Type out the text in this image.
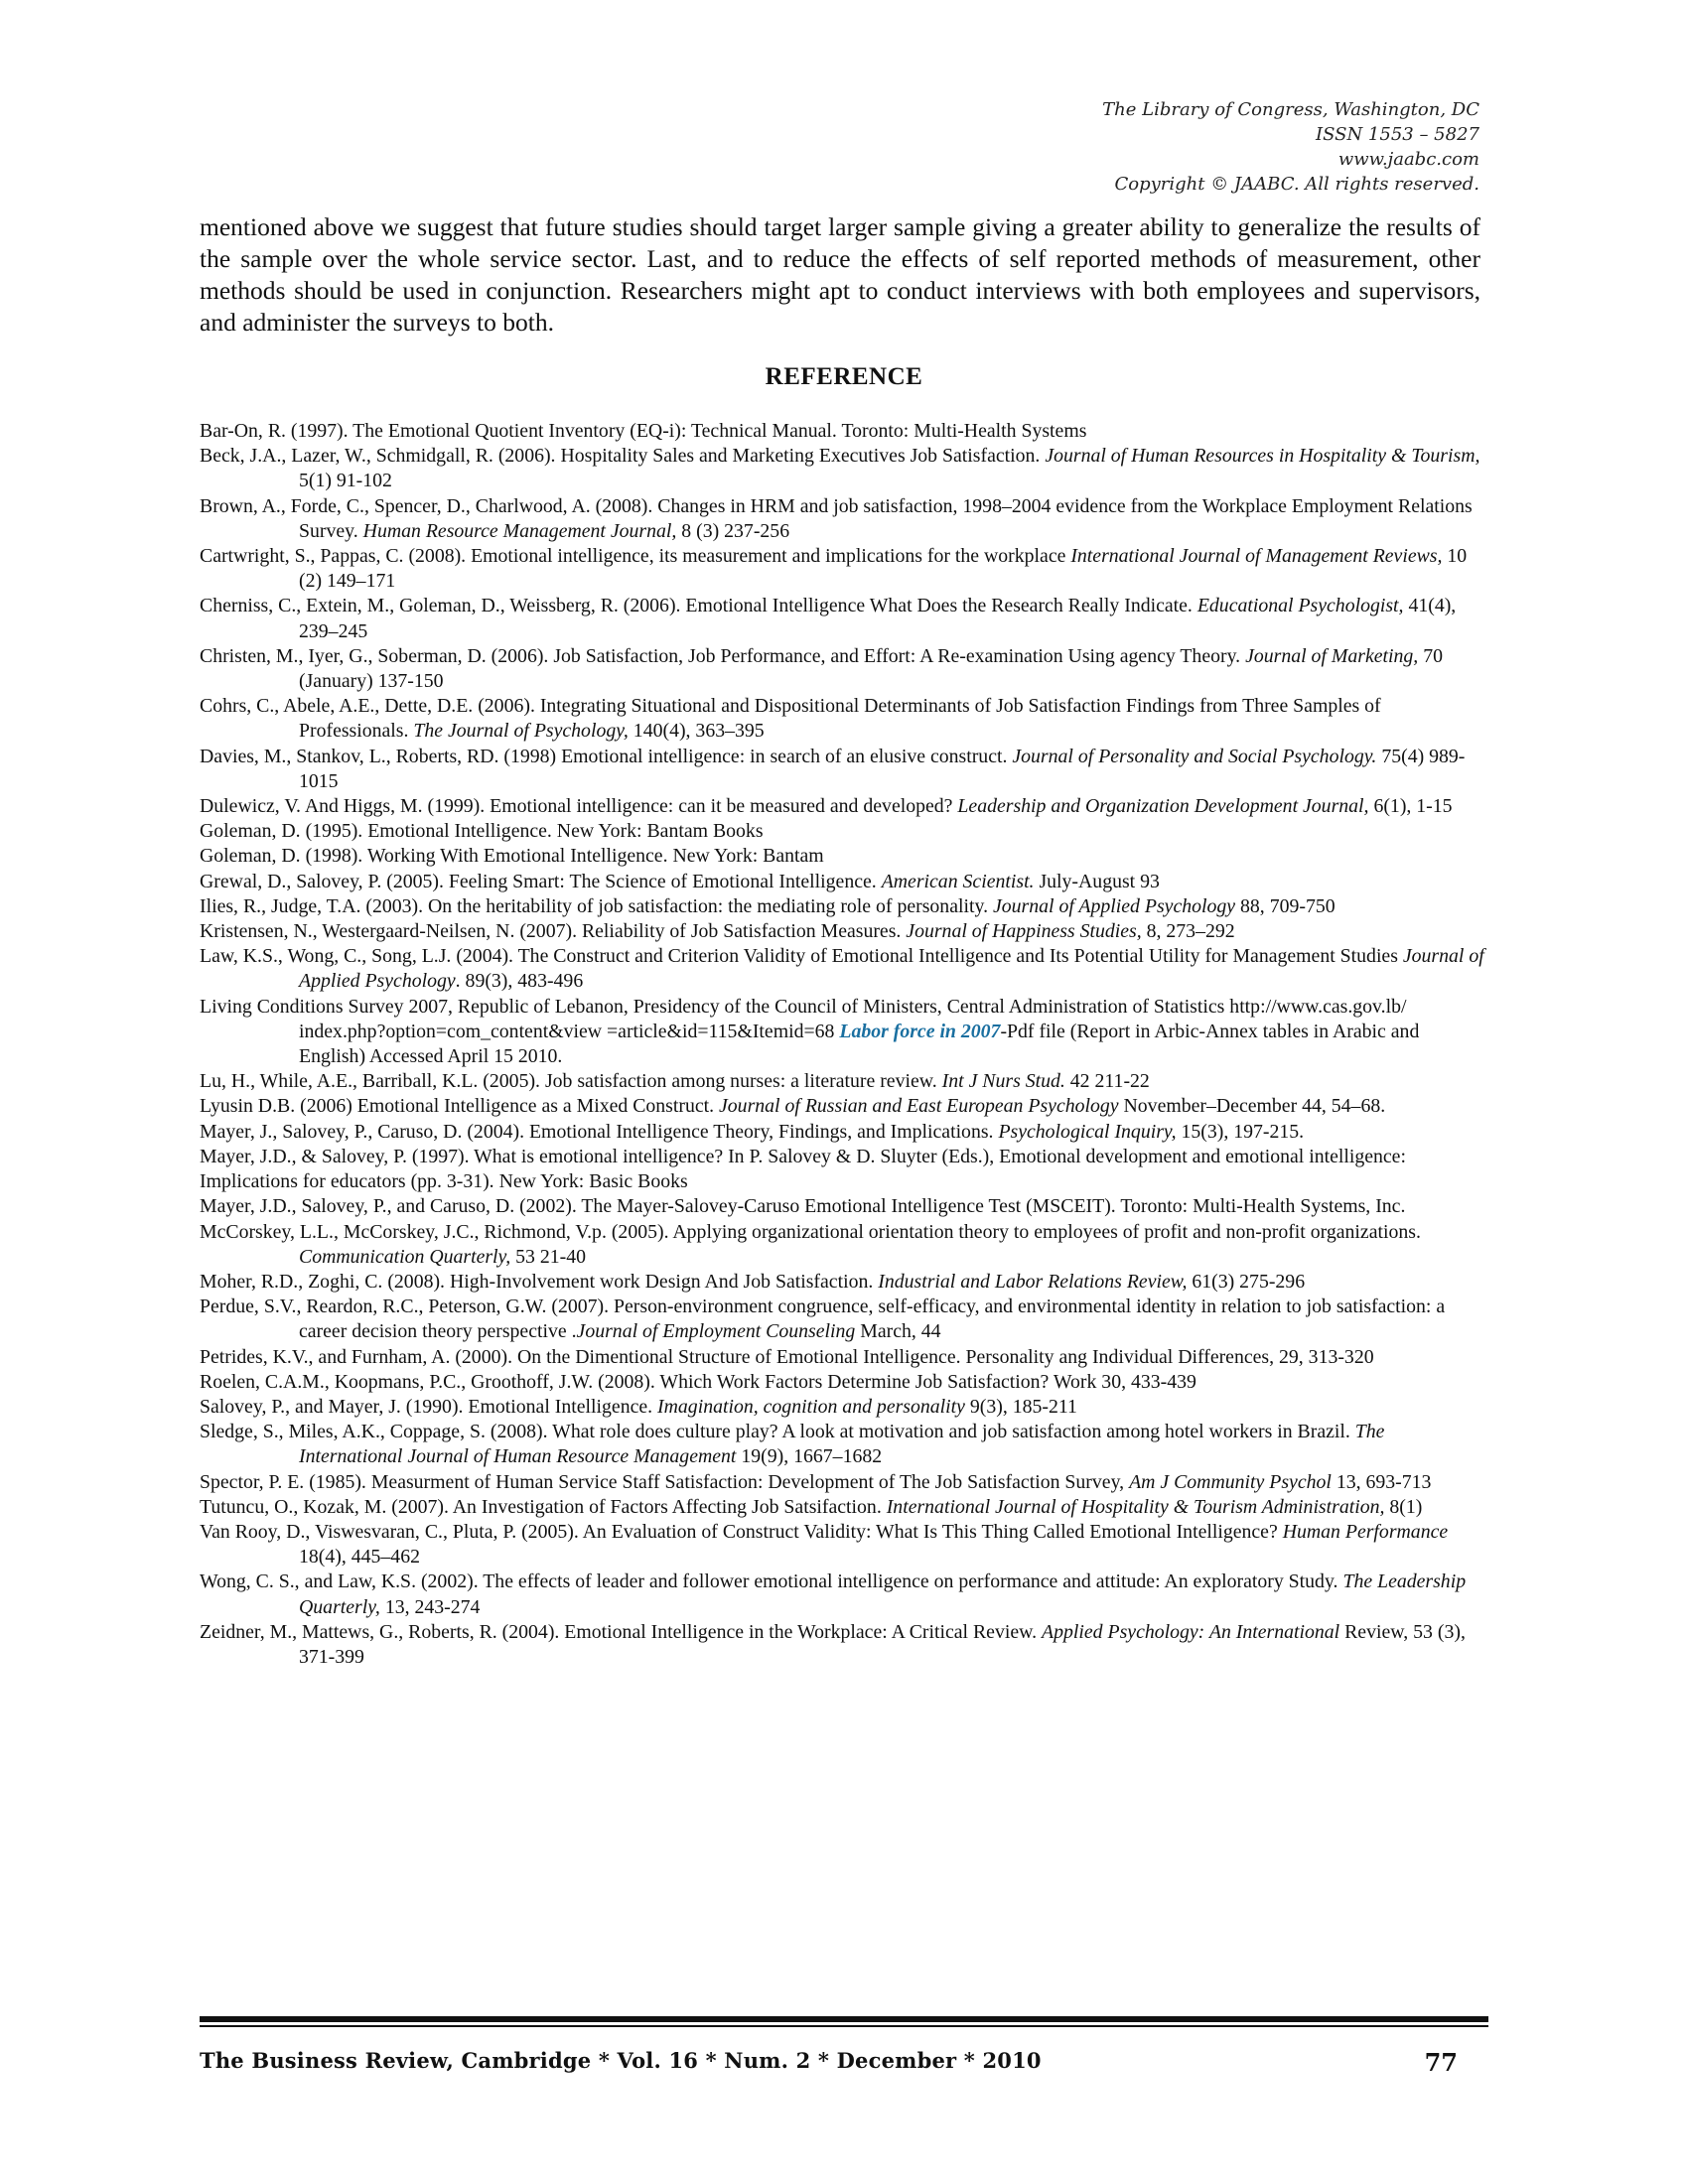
The Library of Congress, Washington, DC
ISSN 1553 – 5827
www.jaabc.com
Copyright © JAABC. All rights reserved.

mentioned above we suggest that future studies should target larger sample giving a greater ability to generalize the results of the sample over the whole service sector. Last, and to reduce the effects of self reported methods of measurement, other methods should be used in conjunction. Researchers might apt to conduct interviews with both employees and supervisors, and administer the surveys to both.

REFERENCE
Bar-On, R. (1997). The Emotional Quotient Inventory (EQ-i): Technical Manual. Toronto: Multi-Health Systems
Beck, J.A., Lazer, W., Schmidgall, R. (2006). Hospitality Sales and Marketing Executives Job Satisfaction. Journal of Human Resources in Hospitality & Tourism, 5(1) 91-102
Brown, A., Forde, C., Spencer, D., Charlwood, A. (2008). Changes in HRM and job satisfaction, 1998–2004 evidence from the Workplace Employment Relations Survey. Human Resource Management Journal, 8 (3) 237-256
Cartwright, S., Pappas, C. (2008). Emotional intelligence, its measurement and implications for the workplace International Journal of Management Reviews, 10 (2) 149–171
Cherniss, C., Extein, M., Goleman, D., Weissberg, R. (2006). Emotional Intelligence What Does the Research Really Indicate. Educational Psychologist, 41(4), 239–245
Christen, M., Iyer, G., Soberman, D. (2006). Job Satisfaction, Job Performance, and Effort: A Re-examination Using agency Theory. Journal of Marketing, 70 (January) 137-150
Cohrs, C., Abele, A.E., Dette, D.E. (2006). Integrating Situational and Dispositional Determinants of Job Satisfaction Findings from Three Samples of Professionals. The Journal of Psychology, 140(4), 363–395
Davies, M., Stankov, L., Roberts, RD. (1998) Emotional intelligence: in search of an elusive construct. Journal of Personality and Social Psychology. 75(4) 989-1015
Dulewicz, V. And Higgs, M. (1999). Emotional intelligence: can it be measured and developed? Leadership and Organization Development Journal, 6(1), 1-15
Goleman, D. (1995). Emotional Intelligence. New York: Bantam Books
Goleman, D. (1998). Working With Emotional Intelligence. New York: Bantam
Grewal, D., Salovey, P. (2005). Feeling Smart: The Science of Emotional Intelligence. American Scientist. July-August 93
Ilies, R., Judge, T.A. (2003). On the heritability of job satisfaction: the mediating role of personality. Journal of Applied Psychology 88, 709-750
Kristensen, N., Westergaard-Neilsen, N. (2007). Reliability of Job Satisfaction Measures. Journal of Happiness Studies, 8, 273–292
Law, K.S., Wong, C., Song, L.J. (2004). The Construct and Criterion Validity of Emotional Intelligence and Its Potential Utility for Management Studies Journal of Applied Psychology. 89(3), 483-496
Living Conditions Survey 2007, Republic of Lebanon, Presidency of the Council of Ministers, Central Administration of Statistics http://www.cas.gov.lb/ index.php?option=com_content&view =article&id=115&Itemid=68 Labor force in 2007-Pdf file (Report in Arbic-Annex tables in Arabic and English) Accessed April 15 2010.
Lu, H., While, A.E., Barriball, K.L. (2005). Job satisfaction among nurses: a literature review. Int J Nurs Stud. 42 211-22
Lyusin D.B. (2006) Emotional Intelligence as a Mixed Construct. Journal of Russian and East European Psychology November–December 44, 54–68.
Mayer, J., Salovey, P., Caruso, D. (2004). Emotional Intelligence Theory, Findings, and Implications. Psychological Inquiry, 15(3), 197-215.
Mayer, J.D., & Salovey, P. (1997). What is emotional intelligence? In P. Salovey & D. Sluyter (Eds.), Emotional development and emotional intelligence: Implications for educators (pp. 3-31). New York: Basic Books
Mayer, J.D., Salovey, P., and Caruso, D. (2002). The Mayer-Salovey-Caruso Emotional Intelligence Test (MSCEIT). Toronto: Multi-Health Systems, Inc.
McCorskey, L.L., McCorskey, J.C., Richmond, V.p. (2005). Applying organizational orientation theory to employees of profit and non-profit organizations. Communication Quarterly, 53 21-40
Moher, R.D., Zoghi, C. (2008). High-Involvement work Design And Job Satisfaction. Industrial and Labor Relations Review, 61(3) 275-296
Perdue, S.V., Reardon, R.C., Peterson, G.W. (2007). Person-environment congruence, self-efficacy, and environmental identity in relation to job satisfaction: a career decision theory perspective .Journal of Employment Counseling March, 44
Petrides, K.V., and Furnham, A. (2000). On the Dimentional Structure of Emotional Intelligence. Personality ang Individual Differences, 29, 313-320
Roelen, C.A.M., Koopmans, P.C., Groothoff, J.W. (2008). Which Work Factors Determine Job Satisfaction? Work 30, 433-439
Salovey, P., and Mayer, J. (1990). Emotional Intelligence. Imagination, cognition and personality 9(3), 185-211
Sledge, S., Miles, A.K., Coppage, S. (2008). What role does culture play? A look at motivation and job satisfaction among hotel workers in Brazil. The International Journal of Human Resource Management 19(9), 1667–1682
Spector, P. E. (1985). Measurment of Human Service Staff Satisfaction: Development of The Job Satisfaction Survey, Am J Community Psychol 13, 693-713
Tutuncu, O., Kozak, M. (2007). An Investigation of Factors Affecting Job Satsifaction. International Journal of Hospitality & Tourism Administration, 8(1)
Van Rooy, D., Viswesvaran, C., Pluta, P. (2005). An Evaluation of Construct Validity: What Is This Thing Called Emotional Intelligence? Human Performance 18(4), 445–462
Wong, C. S., and Law, K.S. (2002). The effects of leader and follower emotional intelligence on performance and attitude: An exploratory Study. The Leadership Quarterly, 13, 243-274
Zeidner, M., Mattews, G., Roberts, R. (2004). Emotional Intelligence in the Workplace: A Critical Review. Applied Psychology: An International Review, 53 (3), 371-399
The Business Review, Cambridge * Vol. 16 * Num. 2 * December * 2010	77
